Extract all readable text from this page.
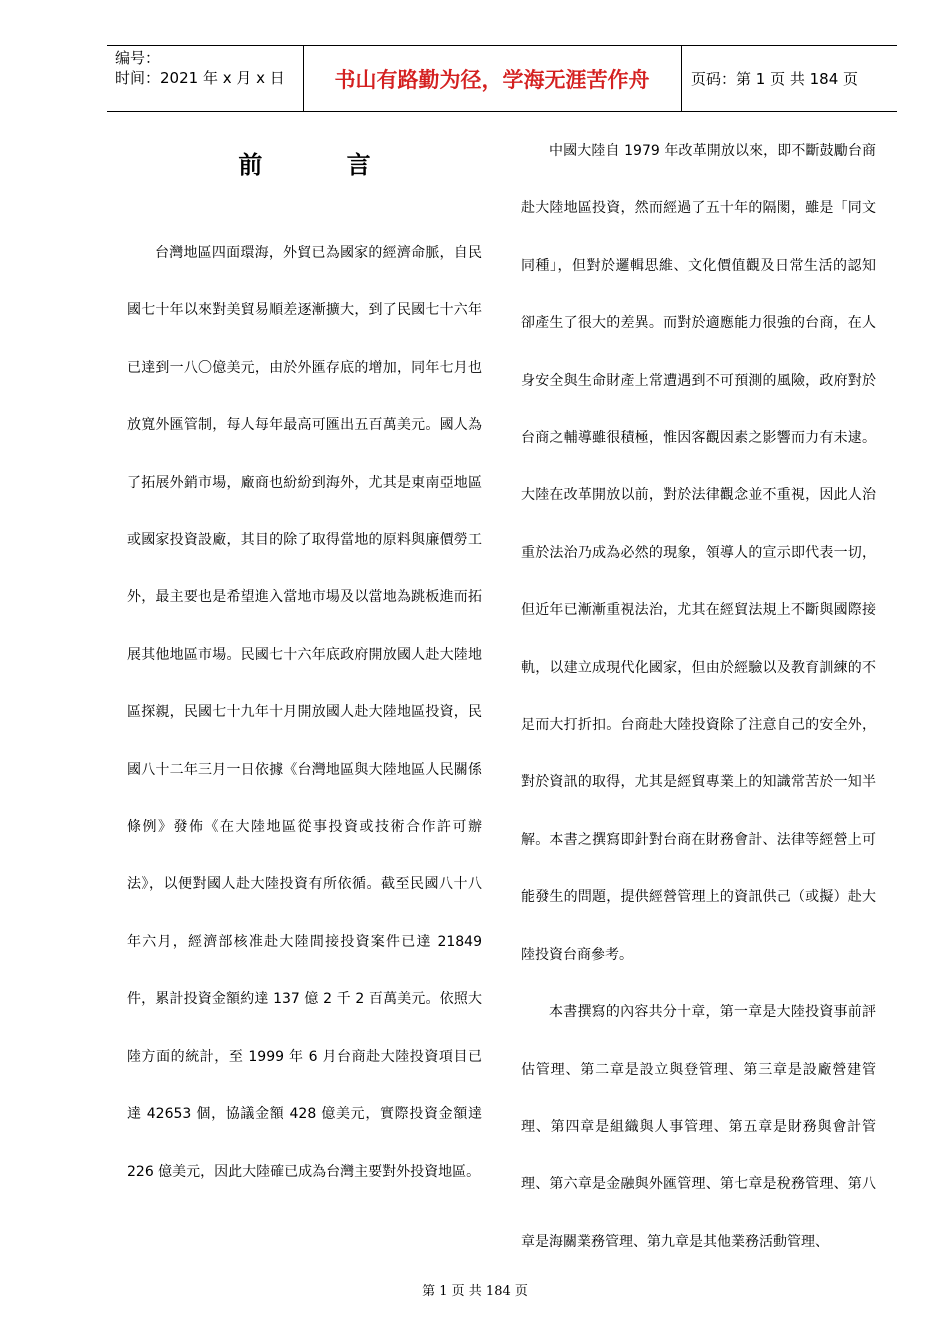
编号：
时间：2021 年 x 月 x 日	书山有路勤为径，学海无涯苦作舟	页码：第 1 页 共 184 页
前 言

台灣地區四面環海，外貿已為國家的經濟命脈，自民國七十年以來對美貿易順差逐漸擴大，到了民國七十六年已達到一八〇億美元，由於外匯存底的增加，同年七月也放寬外匯管制，每人每年最高可匯出五百萬美元。國人為了拓展外銷市場，廠商也紛紛到海外，尤其是東南亞地區或國家投資設廠，其目的除了取得當地的原料與廉價勞工外，最主要也是希望進入當地市場及以當地為跳板進而拓展其他地區市場。民國七十六年底政府開放國人赴大陸地區探親，民國七十九年十月開放國人赴大陸地區投資，民國八十二年三月一日依據《台灣地區與大陸地區人民關係條例》發佈《在大陸地區從事投資或技術合作許可辦法》，以便對國人赴大陸投資有所依循。截至民國八十八年六月，經濟部核准赴大陸間接投資案件已達 21849 件，累計投資金額約達 137 億 2 千 2 百萬美元。依照大陸方面的統計，至 1999 年 6 月台商赴大陸投資項目已達 42653 個，協議金額 428 億美元，實際投資金額達 226 億美元，因此大陸確已成為台灣主要對外投資地區。

中國大陸自 1979 年改革開放以來，即不斷鼓勵台商赴大陸地區投資，然而經過了五十年的隔閡，雖是「同文同種」，但對於邏輯思維、文化價值觀及日常生活的認知卻產生了很大的差異。而對於適應能力很強的台商，在人身安全與生命財產上常遭遇到不可預測的風險，政府對於台商之輔導雖很積極，惟因客觀因素之影響而力有未逮。大陸在改革開放以前，對於法律觀念並不重視，因此人治重於法治乃成為必然的現象，領導人的宣示即代表一切，但近年已漸漸重視法治，尤其在經貿法規上不斷與國際接軌，以建立成現代化國家，但由於經驗以及教育訓練的不足而大打折扣。台商赴大陸投資除了注意自己的安全外，對於資訊的取得，尤其是經貿專業上的知識常苦於一知半解。本書之撰寫即針對台商在財務會計、法律等經營上可能發生的問題，提供經營管理上的資訊供己（或擬）赴大陸投資台商參考。

本書撰寫的內容共分十章，第一章是大陸投資事前評估管理、第二章是設立與登管理、第三章是設廠營建管理、第四章是組織與人事管理、第五章是財務與會計管理、第六章是金融與外匯管理、第七章是稅務管理、第八章是海關業務管理、第九章是其他業務活動管理、

第 1 页 共 184 页
